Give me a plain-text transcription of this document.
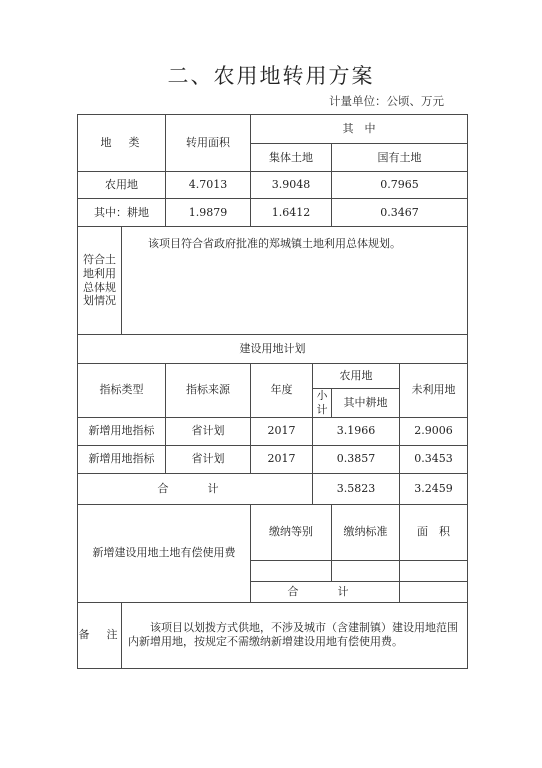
二、农用地转用方案
计量单位：公顷、万元
地　类		转用面积	其　中				
			集体土地		国有土地		
农用地		4.7013	3.9048		0.7965		
其中：耕地		1.9879	1.6412		0.3467		
符合土地利用总体规划情况	该项目符合省政府批准的郑城镇土地利用总体规划。						
建设用地计划							
指标类型		指标来源	年度	农用地		未利用地	
				小计	其中耕地		
新增用地指标		省计划	2017	3.1966		2.9006	
新增用地指标		省计划	2017	0.3857		0.3453	
合　计				3.5823		3.2459	
新增建设用地土地有偿使用费			缴纳等别		缴纳标准	面　积	

			合　计				
备　注	该项目以划拨方式供地，不涉及城市（含建制镇）建设用地范围内新增用地，按规定不需缴纳新增建设用地有偿使用费。						
